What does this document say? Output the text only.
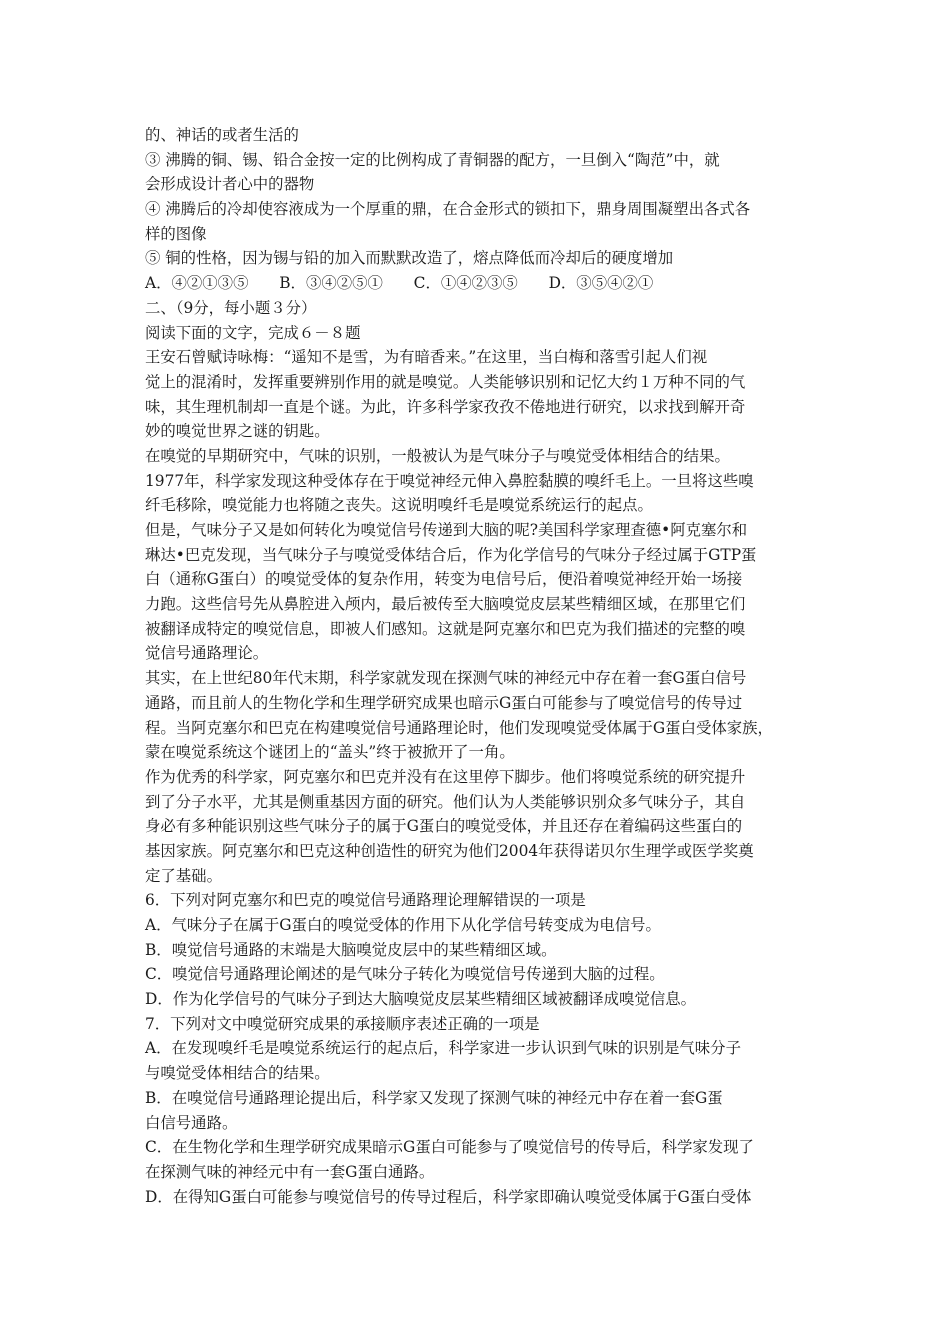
的、神话的或者生活的
③ 沸腾的铜、锡、铅合金按一定的比例构成了青铜器的配方，一旦倒入“陶范”中，就
会形成设计者心中的器物
④ 沸腾后的冷却使容液成为一个厚重的鼎，在合金形式的锁扣下，鼎身周围凝塑出各式各
样的图像
⑤ 铜的性格，因为锡与铅的加入而默默改造了，熔点降低而冷却后的硬度增加
A．④②①③⑤　　B．③④②⑤①　　C．①④②③⑤　　D．③⑤④②①
二、（9分，每小题３分）
阅读下面的文字，完成６－８题
王安石曾赋诗咏梅：“遥知不是雪，为有暗香来。”在这里，当白梅和落雪引起人们视
觉上的混淆时，发挥重要辨别作用的就是嗅觉。人类能够识别和记忆大约１万种不同的气
味，其生理机制却一直是个谜。为此，许多科学家孜孜不倦地进行研究，以求找到解开奇
妙的嗅觉世界之谜的钥匙。
在嗅觉的早期研究中，气味的识别，一般被认为是气味分子与嗅觉受体相结合的结果。
1977年，科学家发现这种受体存在于嗅觉神经元伸入鼻腔黏膜的嗅纤毛上。一旦将这些嗅
纤毛移除，嗅觉能力也将随之丧失。这说明嗅纤毛是嗅觉系统运行的起点。
但是，气味分子又是如何转化为嗅觉信号传递到大脑的呢?美国科学家理查德•阿克塞尔和
琳达•巴克发现，当气味分子与嗅觉受体结合后，作为化学信号的气味分子经过属于GTP蛋
白（通称G蛋白）的嗅觉受体的复杂作用，转变为电信号后，便沿着嗅觉神经开始一场接
力跑。这些信号先从鼻腔进入颅内，最后被传至大脑嗅觉皮层某些精细区域，在那里它们
被翻译成特定的嗅觉信息，即被人们感知。这就是阿克塞尔和巴克为我们描述的完整的嗅
觉信号通路理论。
其实，在上世纪80年代末期，科学家就发现在探测气味的神经元中存在着一套G蛋白信号
通路，而且前人的生物化学和生理学研究成果也暗示G蛋白可能参与了嗅觉信号的传导过
程。当阿克塞尔和巴克在构建嗅觉信号通路理论时，他们发现嗅觉受体属于G蛋白受体家族，
蒙在嗅觉系统这个谜团上的“盖头”终于被掀开了一角。
作为优秀的科学家，阿克塞尔和巴克并没有在这里停下脚步。他们将嗅觉系统的研究提升
到了分子水平，尤其是侧重基因方面的研究。他们认为人类能够识别众多气味分子，其自
身必有多种能识别这些气味分子的属于G蛋白的嗅觉受体，并且还存在着编码这些蛋白的
基因家族。阿克塞尔和巴克这种创造性的研究为他们2004年获得诺贝尔生理学或医学奖奠
定了基础。
6．下列对阿克塞尔和巴克的嗅觉信号通路理论理解错误的一项是
A．气味分子在属于G蛋白的嗅觉受体的作用下从化学信号转变成为电信号。
B．嗅觉信号通路的末端是大脑嗅觉皮层中的某些精细区域。
C．嗅觉信号通路理论阐述的是气味分子转化为嗅觉信号传递到大脑的过程。
D．作为化学信号的气味分子到达大脑嗅觉皮层某些精细区域被翻译成嗅觉信息。
7．下列对文中嗅觉研究成果的承接顺序表述正确的一项是
A．在发现嗅纤毛是嗅觉系统运行的起点后，科学家进一步认识到气味的识别是气味分子
与嗅觉受体相结合的结果。
B．在嗅觉信号通路理论提出后，科学家又发现了探测气味的神经元中存在着一套G蛋
白信号通路。
C．在生物化学和生理学研究成果暗示G蛋白可能参与了嗅觉信号的传导后，科学家发现了
在探测气味的神经元中有一套G蛋白通路。
D．在得知G蛋白可能参与嗅觉信号的传导过程后，科学家即确认嗅觉受体属于G蛋白受体
